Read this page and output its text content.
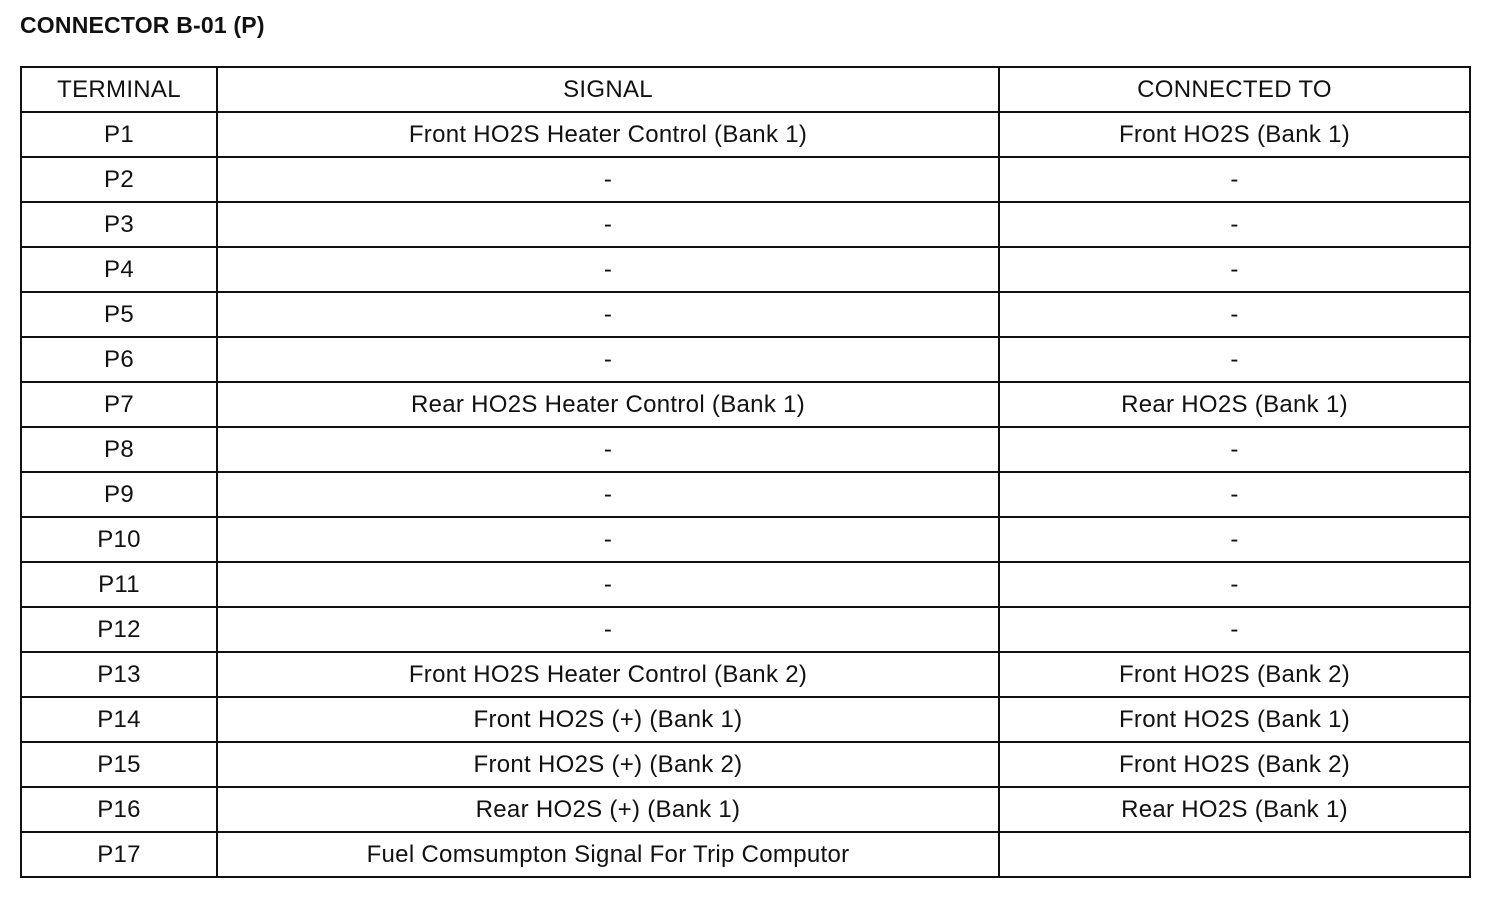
CONNECTOR B-01 (P)
TERMINAL	SIGNAL	CONNECTED TO
P1	Front HO2S Heater Control (Bank 1)	Front HO2S (Bank 1)
P2	-	-
P3	-	-
P4	-	-
P5	-	-
P6	-	-
P7	Rear HO2S Heater Control (Bank 1)	Rear HO2S (Bank 1)
P8	-	-
P9	-	-
P10	-	-
P11	-	-
P12	-	-
P13	Front HO2S Heater Control (Bank 2)	Front HO2S (Bank 2)
P14	Front HO2S (+) (Bank 1)	Front HO2S (Bank 1)
P15	Front HO2S (+) (Bank 2)	Front HO2S (Bank 2)
P16	Rear HO2S (+) (Bank 1)	Rear HO2S (Bank 1)
P17	Fuel Comsumpton Signal For Trip Computor	
